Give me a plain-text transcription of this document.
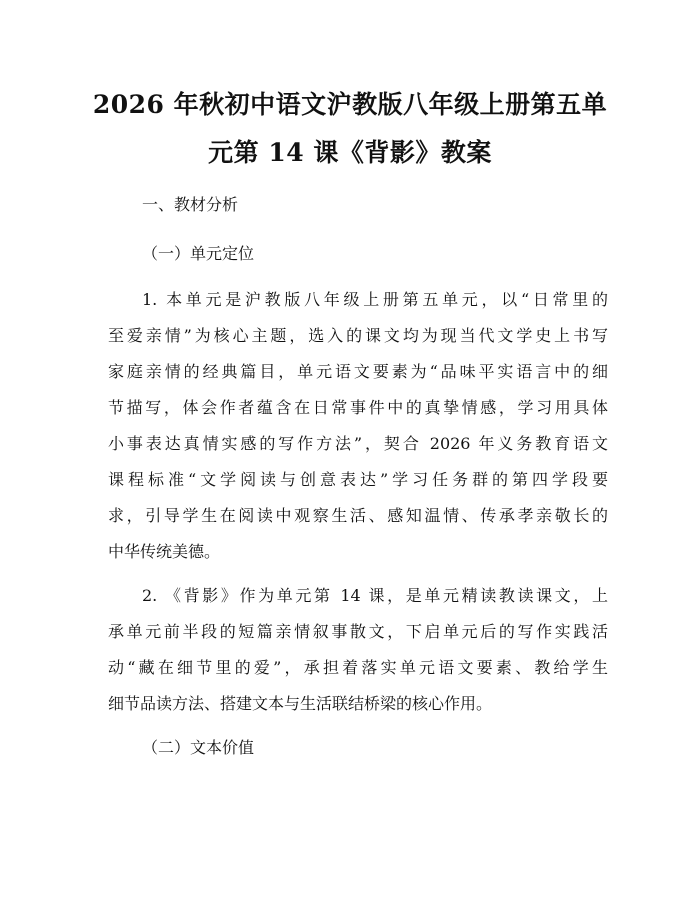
2026 年秋初中语文沪教版八年级上册第五单
元第 14 课《背影》教案
一、教材分析
（一）单元定位
1. 本单元是沪教版八年级上册第五单元，以“日常里的
至爱亲情”为核心主题，选入的课文均为现当代文学史上书写
家庭亲情的经典篇目，单元语文要素为“品味平实语言中的细
节描写，体会作者蕴含在日常事件中的真挚情感，学习用具体
小事表达真情实感的写作方法”，契合 2026 年义务教育语文
课程标准“文学阅读与创意表达”学习任务群的第四学段要
求，引导学生在阅读中观察生活、感知温情、传承孝亲敬长的
中华传统美德。
2. 《背影》作为单元第 14 课，是单元精读教读课文，上
承单元前半段的短篇亲情叙事散文，下启单元后的写作实践活
动“藏在细节里的爱”，承担着落实单元语文要素、教给学生
细节品读方法、搭建文本与生活联结桥梁的核心作用。
（二）文本价值
